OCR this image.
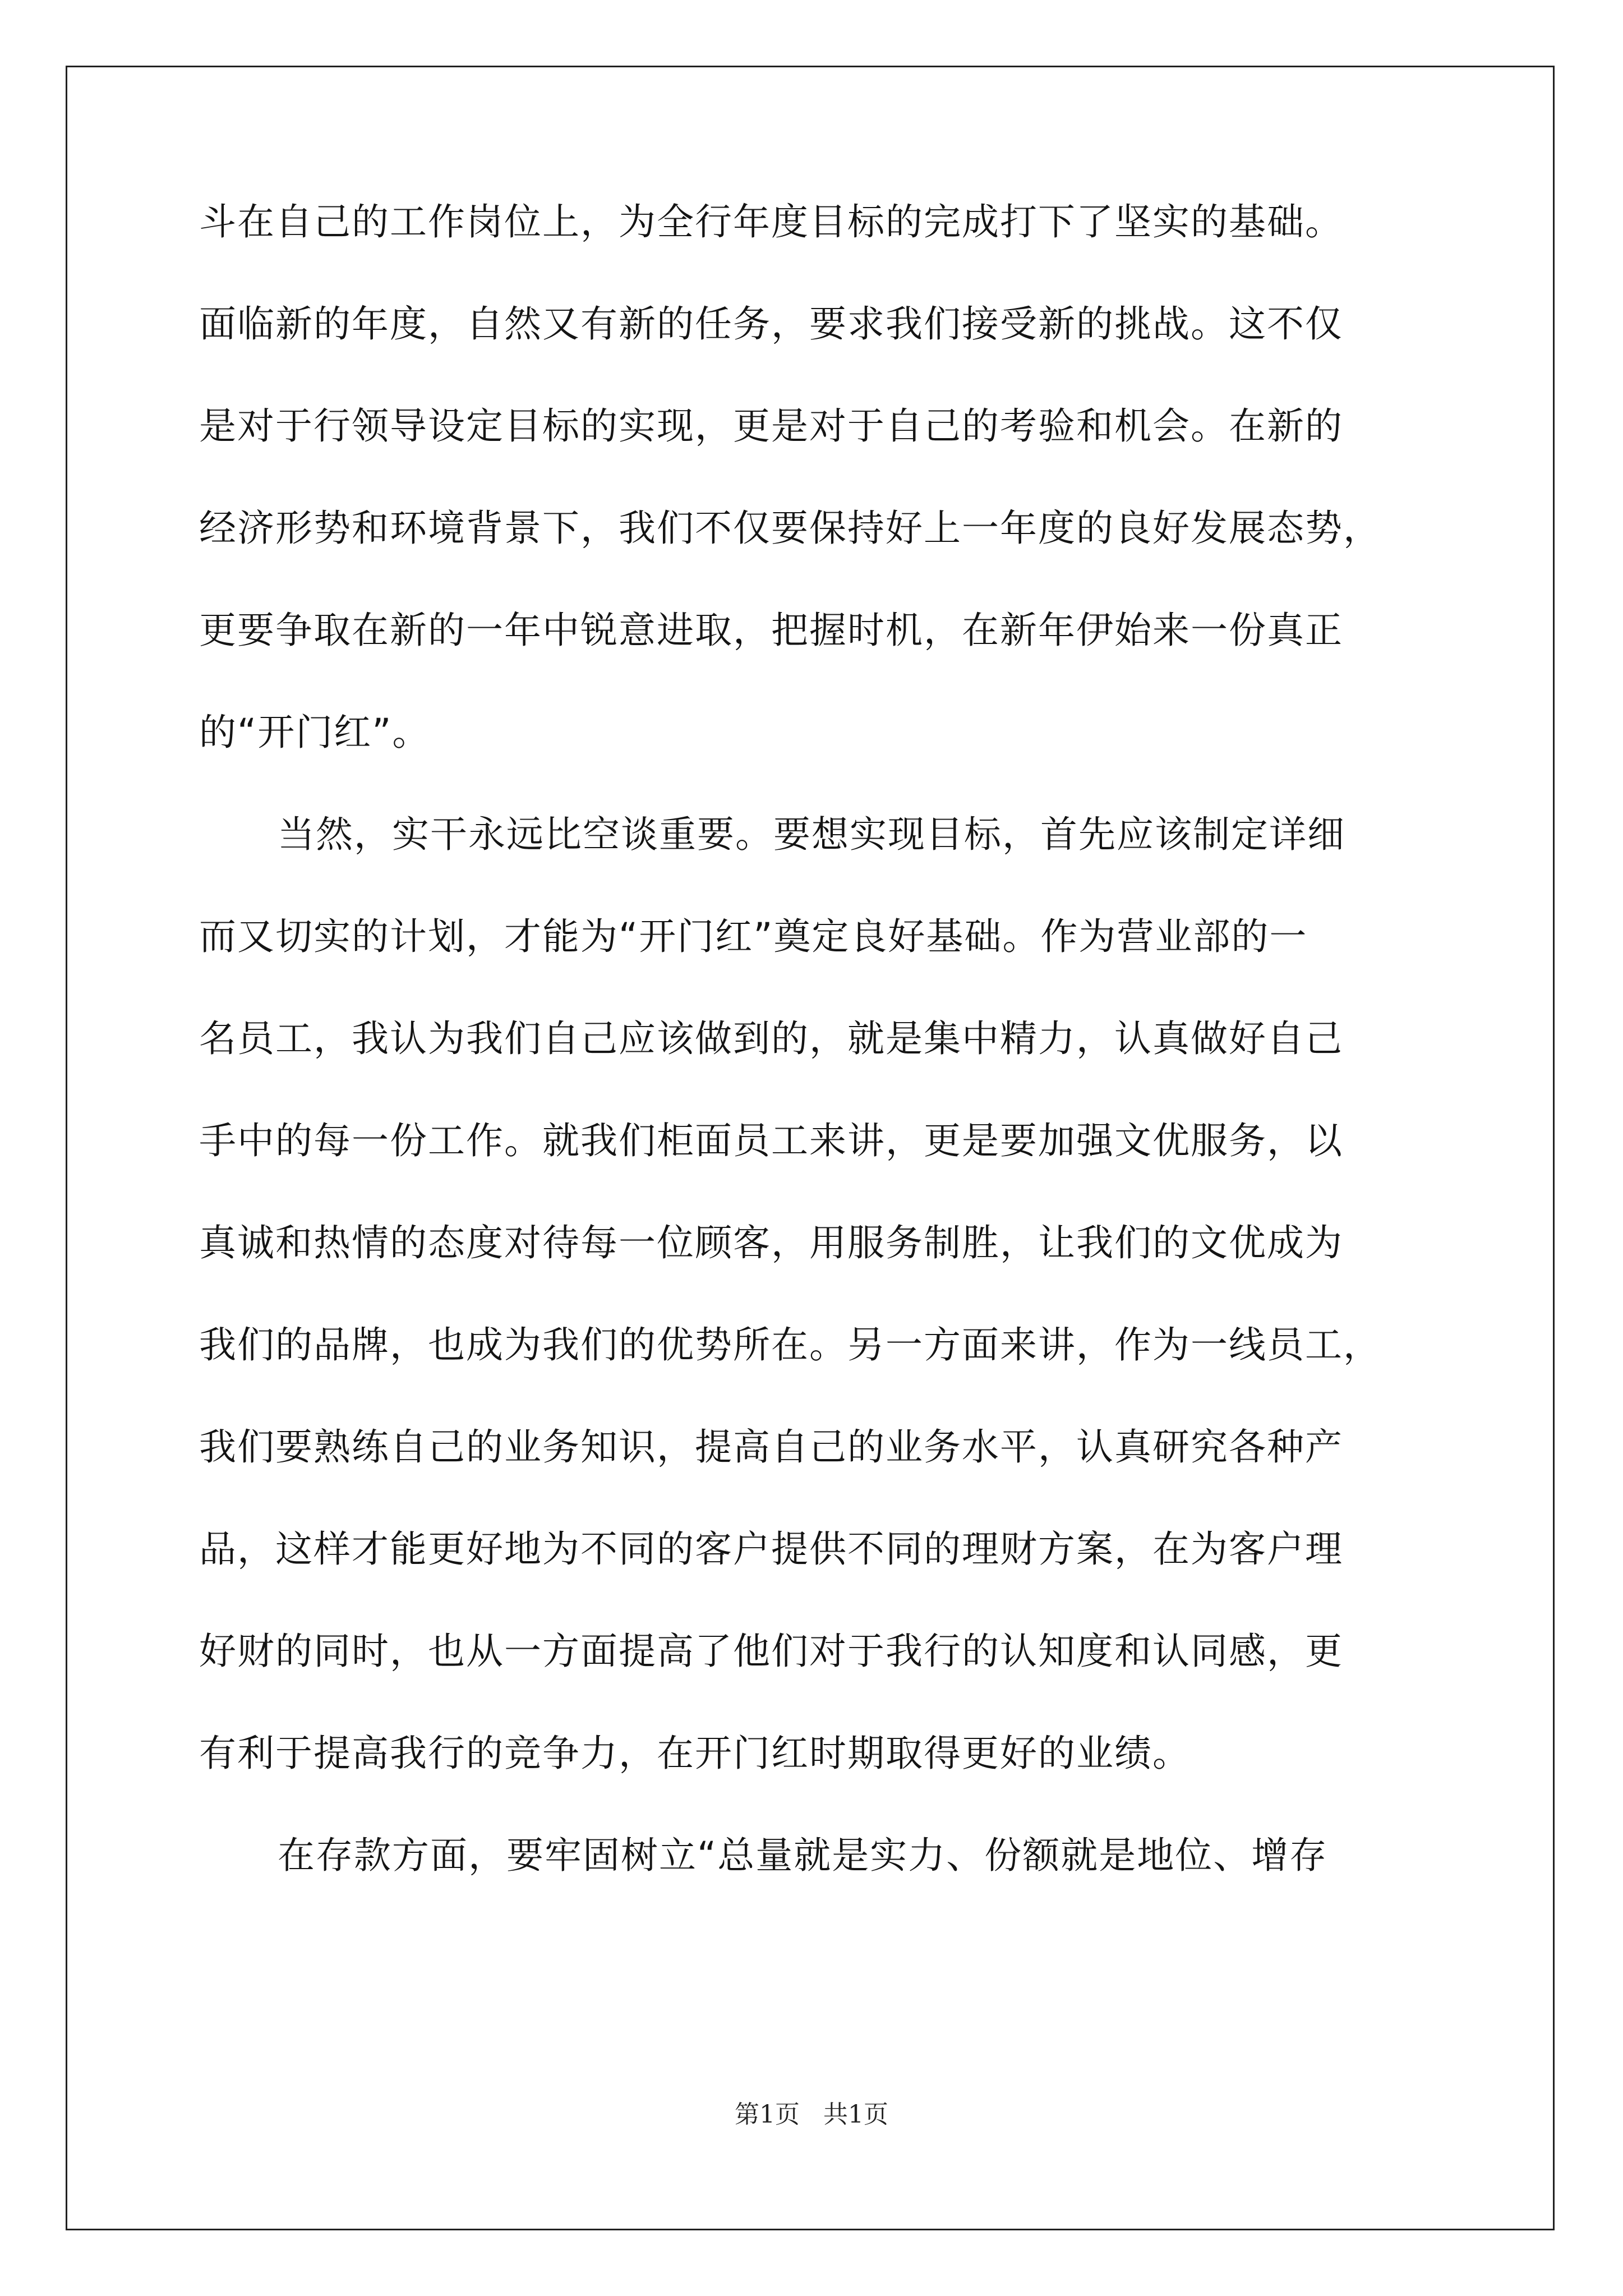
斗在自己的工作岗位上，为全行年度目标的完成打下了坚实的基础。
面临新的年度，自然又有新的任务，要求我们接受新的挑战。这不仅
是对于行领导设定目标的实现，更是对于自己的考验和机会。在新的
经济形势和环境背景下，我们不仅要保持好上一年度的良好发展态势，
更要争取在新的一年中锐意进取，把握时机，在新年伊始来一份真正
的“开门红”。
当然，实干永远比空谈重要。要想实现目标，首先应该制定详细
而又切实的计划，才能为“开门红”奠定良好基础。作为营业部的一
名员工，我认为我们自己应该做到的，就是集中精力，认真做好自己
手中的每一份工作。就我们柜面员工来讲，更是要加强文优服务，以
真诚和热情的态度对待每一位顾客，用服务制胜，让我们的文优成为
我们的品牌，也成为我们的优势所在。另一方面来讲，作为一线员工，
我们要熟练自己的业务知识，提高自己的业务水平，认真研究各种产
品，这样才能更好地为不同的客户提供不同的理财方案，在为客户理
好财的同时，也从一方面提高了他们对于我行的认知度和认同感，更
有利于提高我行的竞争力，在开门红时期取得更好的业绩。
在存款方面，要牢固树立“总量就是实力、份额就是地位、增存
第1页 共1页
